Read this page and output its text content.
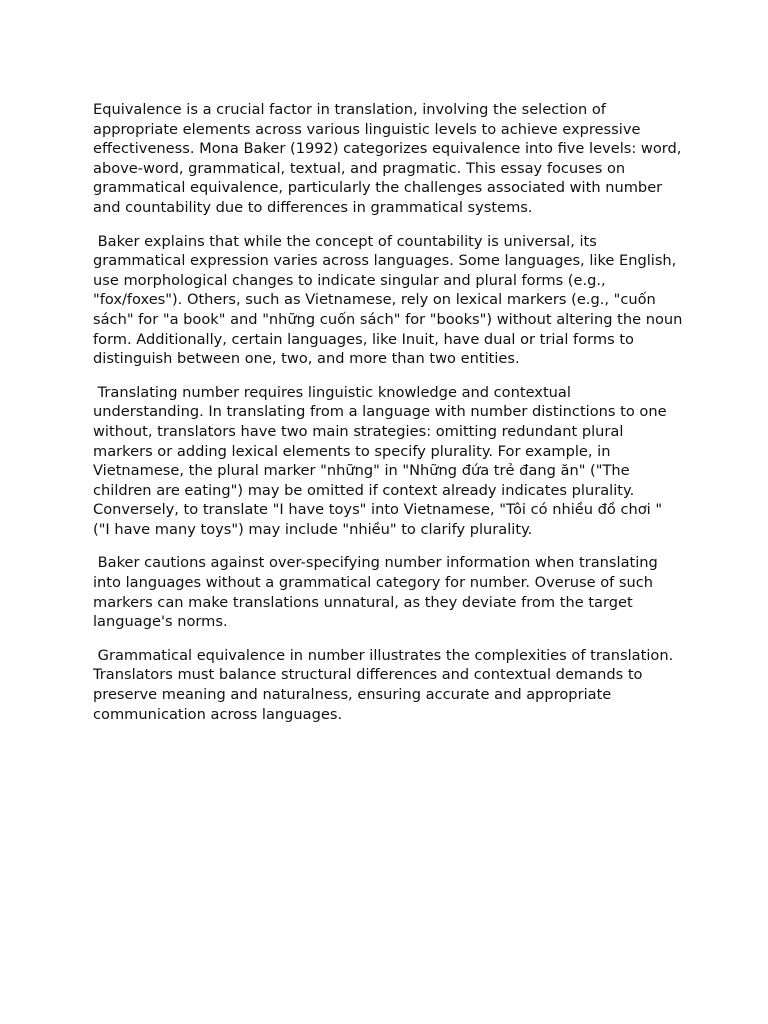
Equivalence is a crucial factor in translation, involving the selection of appropriate elements across various linguistic levels to achieve expressive effectiveness. Mona Baker (1992) categorizes equivalence into five levels: word, above-word, grammatical, textual, and pragmatic. This essay focuses on grammatical equivalence, particularly the challenges associated with number and countability due to differences in grammatical systems.

Baker explains that while the concept of countability is universal, its grammatical expression varies across languages. Some languages, like English, use morphological changes to indicate singular and plural forms (e.g., "fox/foxes"). Others, such as Vietnamese, rely on lexical markers (e.g., "cuốn sách" for "a book" and "những cuốn sách" for "books") without altering the noun form. Additionally, certain languages, like Inuit, have dual or trial forms to distinguish between one, two, and more than two entities.

Translating number requires linguistic knowledge and contextual understanding. In translating from a language with number distinctions to one without, translators have two main strategies: omitting redundant plural markers or adding lexical elements to specify plurality. For example, in Vietnamese, the plural marker "những" in "Những đứa trẻ đang ăn" ("The children are eating") may be omitted if context already indicates plurality. Conversely, to translate "I have toys" into Vietnamese, "Tôi có nhiều đồ chơi " ("I have many toys") may include "nhiều" to clarify plurality.

Baker cautions against over-specifying number information when translating into languages without a grammatical category for number. Overuse of such markers can make translations unnatural, as they deviate from the target language's norms.

Grammatical equivalence in number illustrates the complexities of translation. Translators must balance structural differences and contextual demands to preserve meaning and naturalness, ensuring accurate and appropriate communication across languages.
